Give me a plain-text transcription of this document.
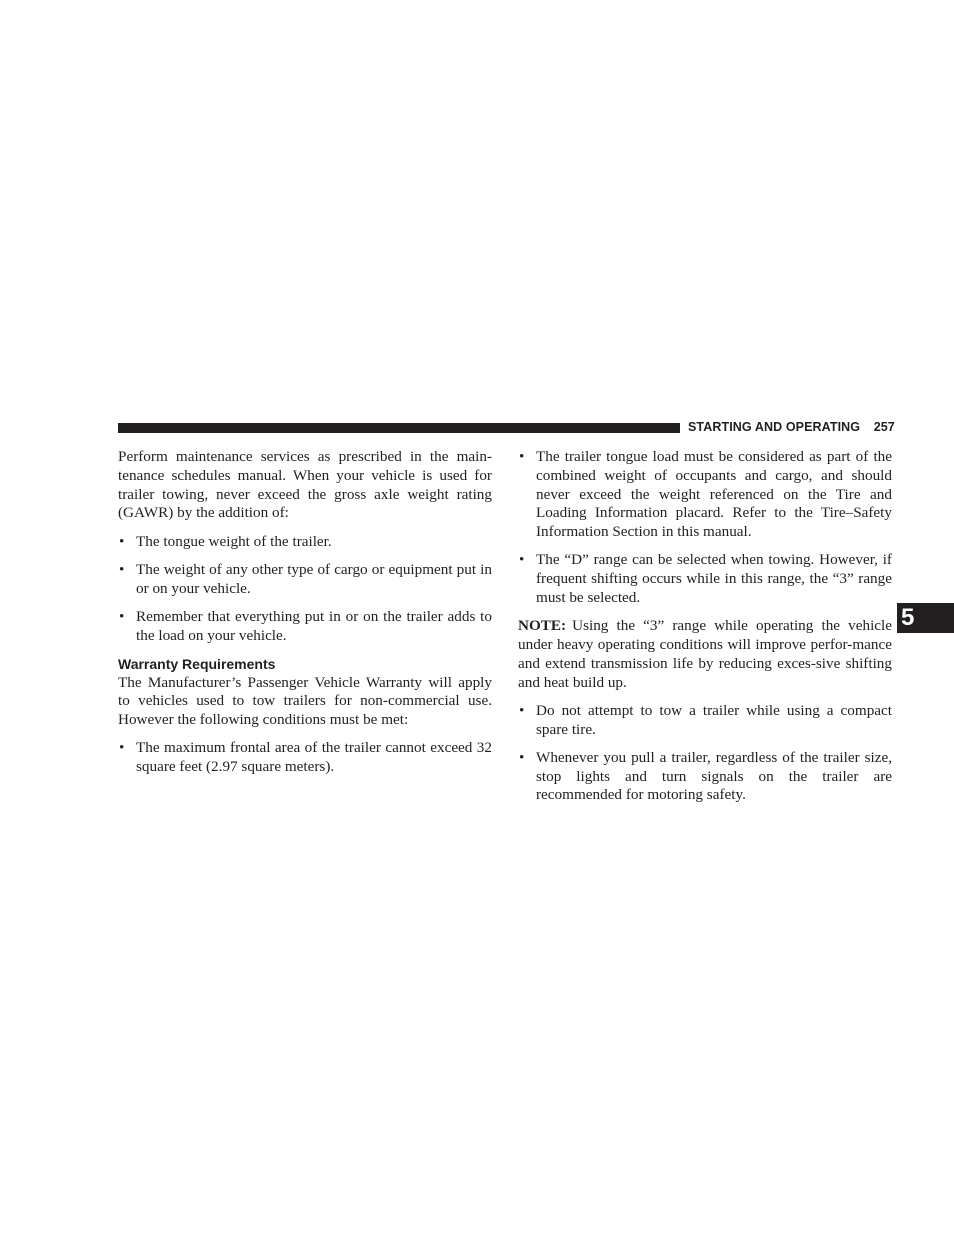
STARTING AND OPERATING 257
5

Perform maintenance services as prescribed in the main-tenance schedules manual. When your vehicle is used for trailer towing, never exceed the gross axle weight rating (GAWR) by the addition of:

• The tongue weight of the trailer.
• The weight of any other type of cargo or equipment put in or on your vehicle.
• Remember that everything put in or on the trailer adds to the load on your vehicle.
Warranty Requirements

The Manufacturer’s Passenger Vehicle Warranty will apply to vehicles used to tow trailers for non-commercial use. However the following conditions must be met:

• The maximum frontal area of the trailer cannot exceed 32 square feet (2.97 square meters).
• The trailer tongue load must be considered as part of the combined weight of occupants and cargo, and should never exceed the weight referenced on the Tire and Loading Information placard. Refer to the Tire–Safety Information Section in this manual.
• The “D” range can be selected when towing. However, if frequent shifting occurs while in this range, the “3” range must be selected.

NOTE: Using the “3” range while operating the vehicle under heavy operating conditions will improve perfor-mance and extend transmission life by reducing exces-sive shifting and heat build up.

• Do not attempt to tow a trailer while using a compact spare tire.
• Whenever you pull a trailer, regardless of the trailer size, stop lights and turn signals on the trailer are recommended for motoring safety.
